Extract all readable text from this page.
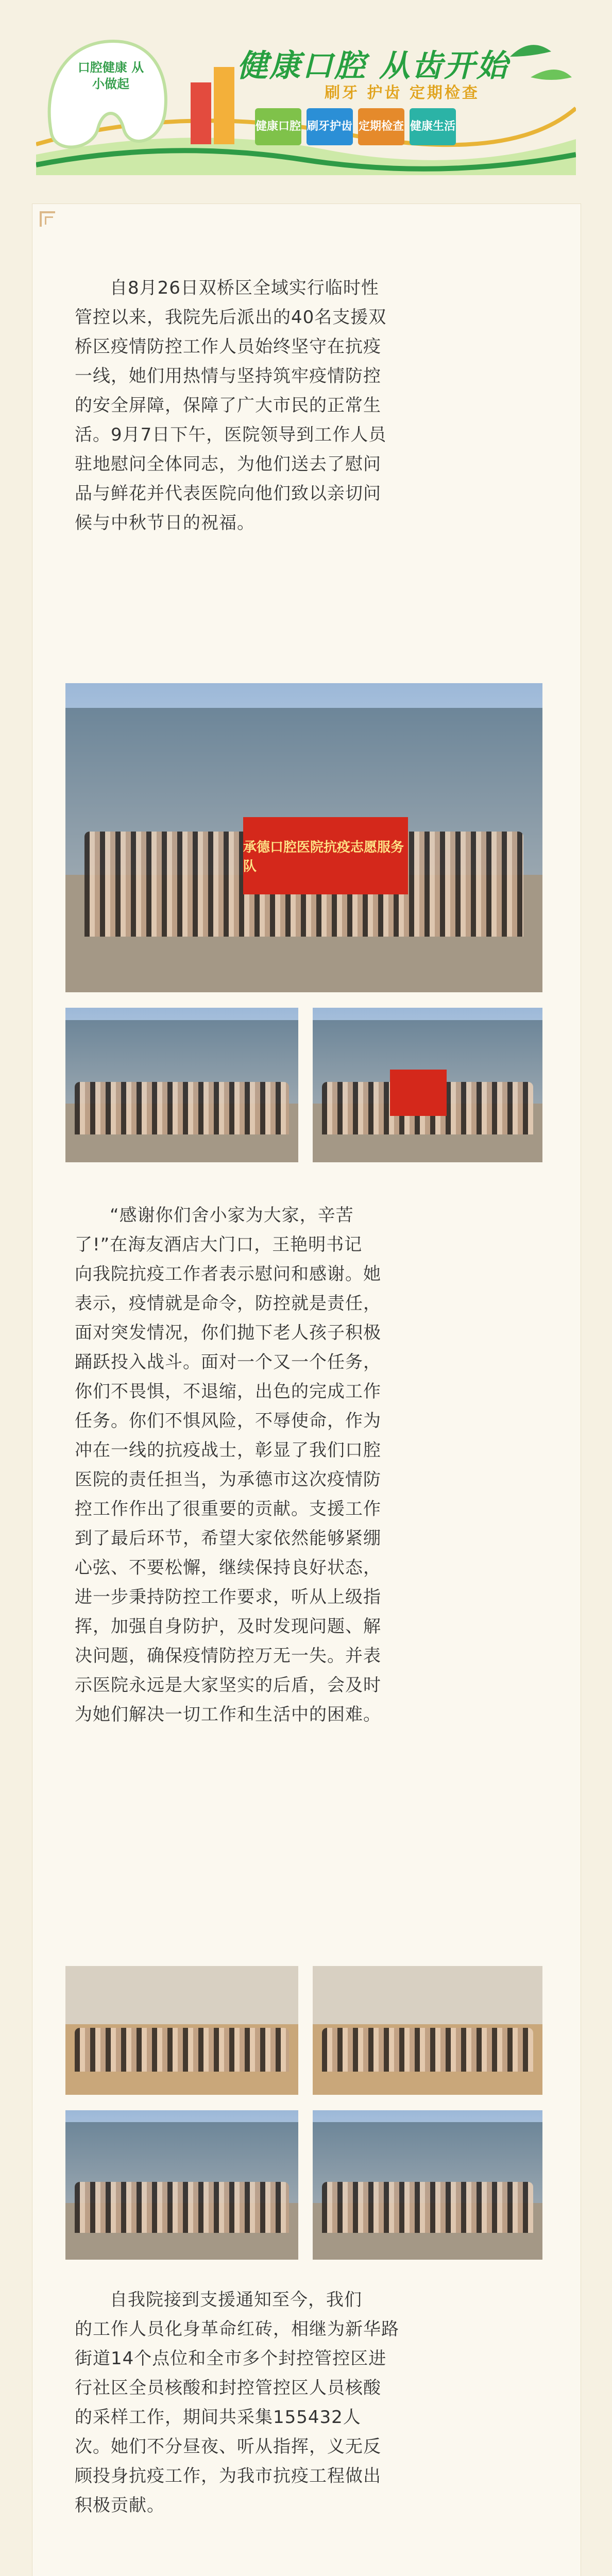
口腔健康 从小做起	健康口腔 从齿开始
刷牙 护齿 定期检查
健康口腔 刷牙护齿 定期检查 健康生活
自8月26日双桥区全域实行临时性
管控以来，我院先后派出的40名支援双
桥区疫情防控工作人员始终坚守在抗疫
一线，她们用热情与坚持筑牢疫情防控
的安全屏障，保障了广大市民的正常生
活。9月7日下午，医院领导到工作人员
驻地慰问全体同志，为他们送去了慰问
品与鲜花并代表医院向他们致以亲切问
候与中秋节日的祝福。
承德口腔医院抗疫志愿服务队
“感谢你们舍小家为大家，辛苦
了!”在海友酒店大门口，王艳明书记
向我院抗疫工作者表示慰问和感谢。她
表示，疫情就是命令，防控就是责任，
面对突发情况，你们抛下老人孩子积极
踊跃投入战斗。面对一个又一个任务，
你们不畏惧，不退缩，出色的完成工作
任务。你们不惧风险，不辱使命，作为
冲在一线的抗疫战士，彰显了我们口腔
医院的责任担当，为承德市这次疫情防
控工作作出了很重要的贡献。支援工作
到了最后环节，希望大家依然能够紧绷
心弦、不要松懈，继续保持良好状态，
进一步秉持防控工作要求，听从上级指
挥，加强自身防护，及时发现问题、解
决问题，确保疫情防控万无一失。并表
示医院永远是大家坚实的后盾，会及时
为她们解决一切工作和生活中的困难。
自我院接到支援通知至今，我们
的工作人员化身革命红砖，相继为新华路
街道14个点位和全市多个封控管控区进
行社区全员核酸和封控管控区人员核酸
的采样工作，期间共采集155432人
次。她们不分昼夜、听从指挥，义无反
顾投身抗疫工作，为我市抗疫工程做出
积极贡献。
